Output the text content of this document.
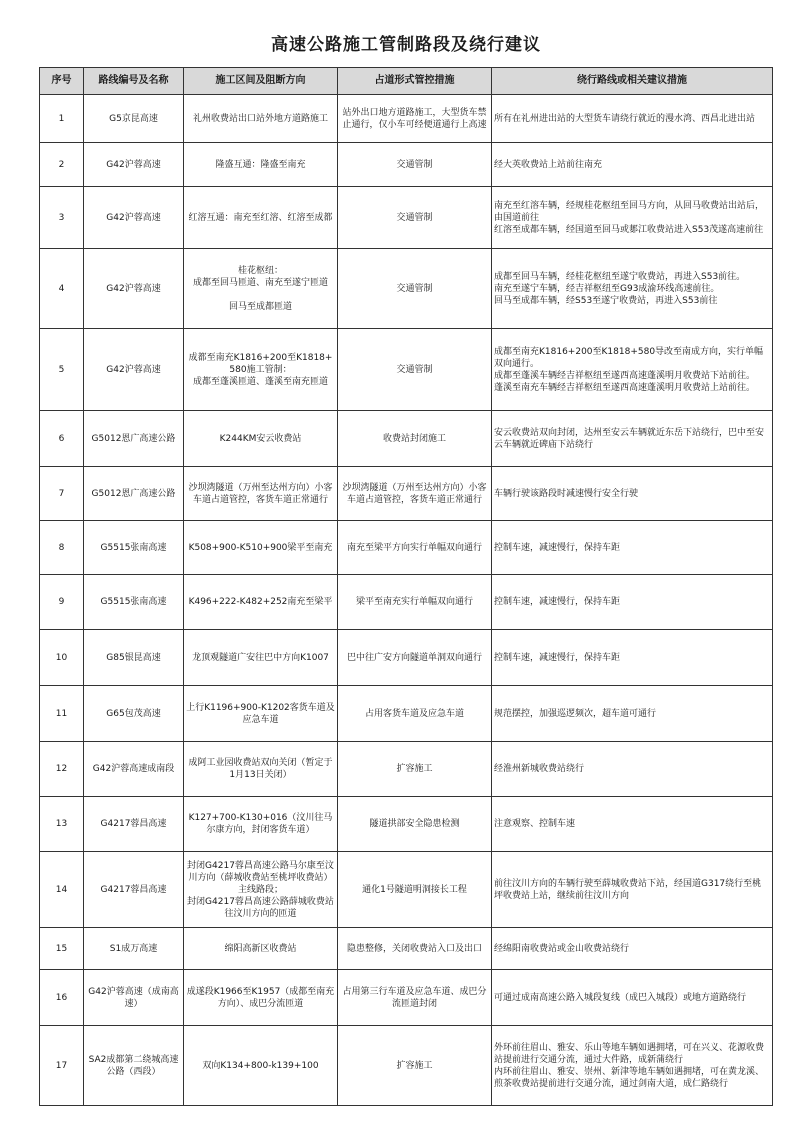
高速公路施工管制路段及绕行建议
序号	路线编号及名称	施工区间及阻断方向	占道形式管控措施	绕行路线或相关建议措施
1	G5京昆高速	礼州收费站出口站外地方道路施工	站外出口地方道路施工，大型货车禁止通行，仅小车可经便道通行上高速	所有在礼州进出站的大型货车请绕行就近的漫水湾、西昌北进出站
2	G42沪蓉高速	隆盛互通：隆盛至南充	交通管制	经大英收费站上站前往南充
3	G42沪蓉高速	红溶互通：南充至红溶、红溶至成都	交通管制	南充至红溶车辆，经规桂花枢纽至回马方向，从回马收费站出站后，由国道前往
红溶至成都车辆，经国道至回马或郪江收费站进入S53茂遂高速前往
4	G42沪蓉高速	桂花枢纽：
成都至回马匝道、南充至遂宁匝道

回马至成都匝道	交通管制	成都至回马车辆，经桂花枢纽至遂宁收费站，再进入S53前往。
南充至遂宁车辆，经吉祥枢纽至G93成渝环线高速前往。
回马至成都车辆，经S53至遂宁收费站，再进入S53前往
5	G42沪蓉高速	成都至南充K1816+200至K1818+580施工管制：
成都至蓬溪匝道、蓬溪至南充匝道	交通管制	成都至南充K1816+200至K1818+580导改至南成方向，实行单幅双向通行。
成都至蓬溪车辆经吉祥枢纽至遂西高速蓬溪明月收费站下站前往。
蓬溪至南充车辆经吉祥枢纽至遂西高速蓬溪明月收费站上站前往。
6	G5012恩广高速公路	K244KM安云收费站	收费站封闭施工	安云收费站双向封闭，达州至安云车辆就近东岳下站绕行，巴中至安云车辆就近碑庙下站绕行
7	G5012恩广高速公路	沙坝湾隧道（万州至达州方向）小客车道占道管控，客货车道正常通行	沙坝湾隧道（万州至达州方向）小客车道占道管控，客货车道正常通行	车辆行驶该路段时减速慢行安全行驶
8	G5515张南高速	K508+900-K510+900梁平至南充	南充至梁平方向实行单幅双向通行	控制车速，减速慢行，保持车距
9	G5515张南高速	K496+222-K482+252南充至梁平	梁平至南充实行单幅双向通行	控制车速，减速慢行，保持车距
10	G85银昆高速	龙顶观隧道广安往巴中方向K1007	巴中往广安方向隧道单洞双向通行	控制车速，减速慢行，保持车距
11	G65包茂高速	上行K1196+900-K1202客货车道及应急车道	占用客货车道及应急车道	规范摆控，加强巡逻频次，超车道可通行
12	G42沪蓉高速成南段	成阿工业园收费站双向关闭（暂定于1月13日关闭）	扩容施工	经淮州新城收费站绕行
13	G4217蓉昌高速	K127+700-K130+016（汶川往马尔康方向，封闭客货车道）	隧道拱部安全隐患检测	注意观察、控制车速
14	G4217蓉昌高速	封闭G4217蓉昌高速公路马尔康至汶川方向（薛城收费站至桃坪收费站）主线路段；
封闭G4217蓉昌高速公路薛城收费站往汶川方向的匝道	通化1号隧道明洞接长工程	前往汶川方向的车辆行驶至薛城收费站下站，经国道G317绕行至桃坪收费站上站，继续前往汶川方向
15	S1成万高速	绵阳高新区收费站	隐患整修，关闭收费站入口及出口	经绵阳南收费站或金山收费站绕行
16	G42沪蓉高速（成南高速）	成遂段K1966至K1957（成都至南充方向）、成巴分流匝道	占用第三行车道及应急车道、成巴分流匝道封闭	可通过成南高速公路入城段复线（成巴入城段）或地方道路绕行
17	SA2成都第二绕城高速公路（西段）	双向K134+800-k139+100	扩容施工	外环前往眉山、雅安、乐山等地车辆如遇拥堵，可在兴义、花源收费站提前进行交通分流，通过大件路，成新蒲绕行
内环前往眉山、雅安、崇州、新津等地车辆如遇拥堵，可在黄龙溪、煎茶收费站提前进行交通分流，通过剑南大道，成仁路绕行
